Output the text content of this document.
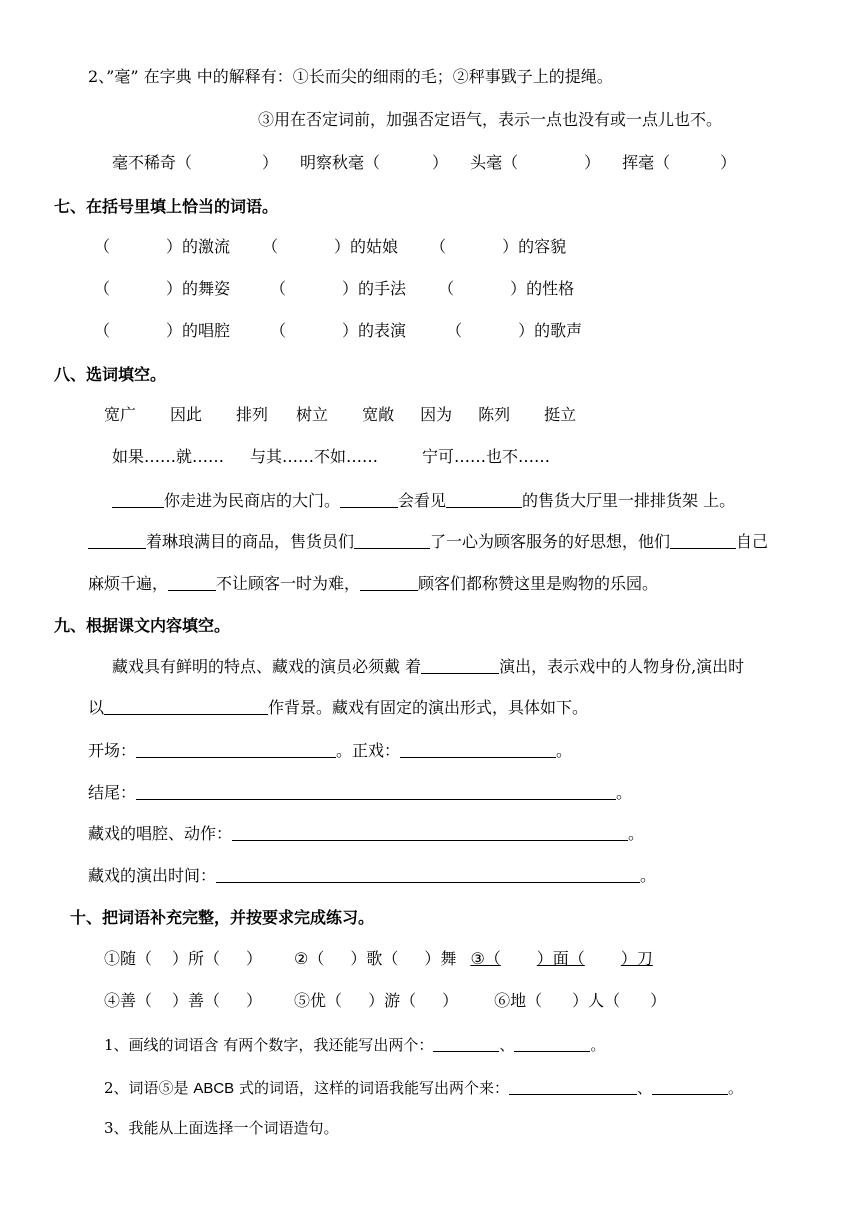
2、”毫” 在字典 中的解释有：①长而尖的细雨的毛；②秤事戥子上的提绳。
③用在否定词前，加强否定语气，表示一点也没有或一点儿也不。
毫不稀奇（	） 明察秋毫（	） 头毫（	） 挥毫（	）
七、在括号里填上恰当的词语。
（	）的激流 （	）的姑娘 （	）的容貌
（	）的舞姿	（	）的手法 （	）的性格
（	）的唱腔	（	）的表演	（	）的歌声
八、选词填空。
宽广 因此 排列 树立 宽敞 因为 陈列 挺立
如果……就…… 与其……不如……	宁可……也不……
你走进为民商店的大门。	会看见	的售货大厅里一排排货架 上。
着琳琅满目的商品，售货员们	了一心为顾客服务的好思想，他们	自己
麻烦千遍，	不让顾客一时为难，	顾客们都称赞这里是购物的乐园。
九、根据课文内容填空。
藏戏具有鲜明的特点、藏戏的演员必须戴 着	演出，表示戏中的人物身份,演出时
以	作背景。藏戏有固定的演出形式，具体如下。
开场：	。正戏：	。
结尾：	。
藏戏的唱腔、动作：	。
藏戏的演出时间：	。
十、把词语补充完整，并按要求完成练习。
①随（ ）所（ ） ②（ ）歌（ ）舞 ③（ ）面（ ）刀
④善（ ）善（ ） ⑤优（ ）游（ ） ⑥地（ ）人（ ）
1、画线的词语含 有两个数字，我还能写出两个：	、	。
2、词语⑤是 ABCB 式的词语，这样的词语我能写出两个来：	、	。
3、我能从上面选择一个词语造句。
